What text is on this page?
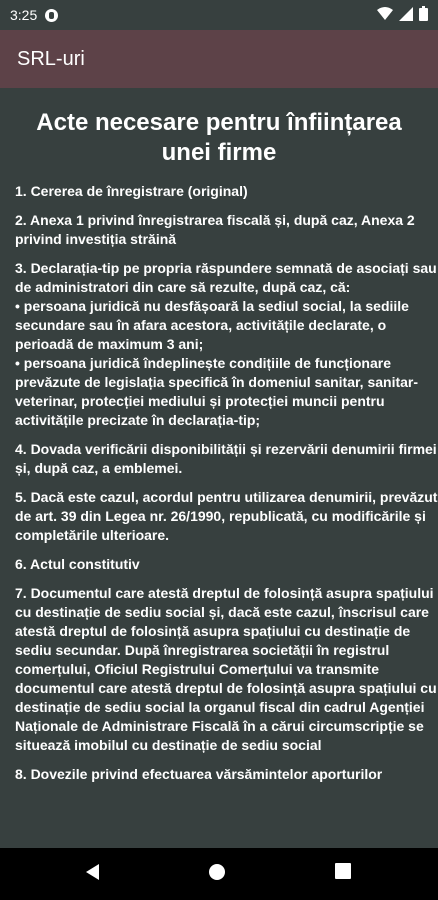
3:25
SRL-uri
Acte necesare pentru înființarea unei firme
1. Cererea de înregistrare (original)
2. Anexa 1 privind înregistrarea fiscală și, după caz, Anexa 2 privind investiția străină
3. Declarația-tip pe propria răspundere semnată de asociați sau de administratori din care să rezulte, după caz, că:
• persoana juridică nu desfășoară la sediul social, la sediile secundare sau în afara acestora, activitățile declarate, o perioadă de maximum 3 ani;
• persoana juridică îndeplinește condițiile de funcționare prevăzute de legislația specifică în domeniul sanitar, sanitar-veterinar, protecției mediului și protecției muncii pentru activitățile precizate în declarația-tip;
4. Dovada verificării disponibilității și rezervării denumirii firmei și, după caz, a emblemei.
5. Dacă este cazul, acordul pentru utilizarea denumirii, prevăzut de art. 39 din Legea nr. 26/1990, republicată, cu modificările și completările ulterioare.
6. Actul constitutiv
7. Documentul care atestă dreptul de folosință asupra spațiului cu destinație de sediu social și, dacă este cazul, înscrisul care atestă dreptul de folosință asupra spațiului cu destinație de sediu secundar. După înregistrarea societății în registrul comerțului, Oficiul Registrului Comerțului va transmite documentul care atestă dreptul de folosință asupra spațiului cu destinație de sediu social la organul fiscal din cadrul Agenției Naționale de Administrare Fiscală în a cărui circumscripție se situează imobilul cu destinație de sediu social
8. Dovezile privind efectuarea vărsămintelor aporturilor
